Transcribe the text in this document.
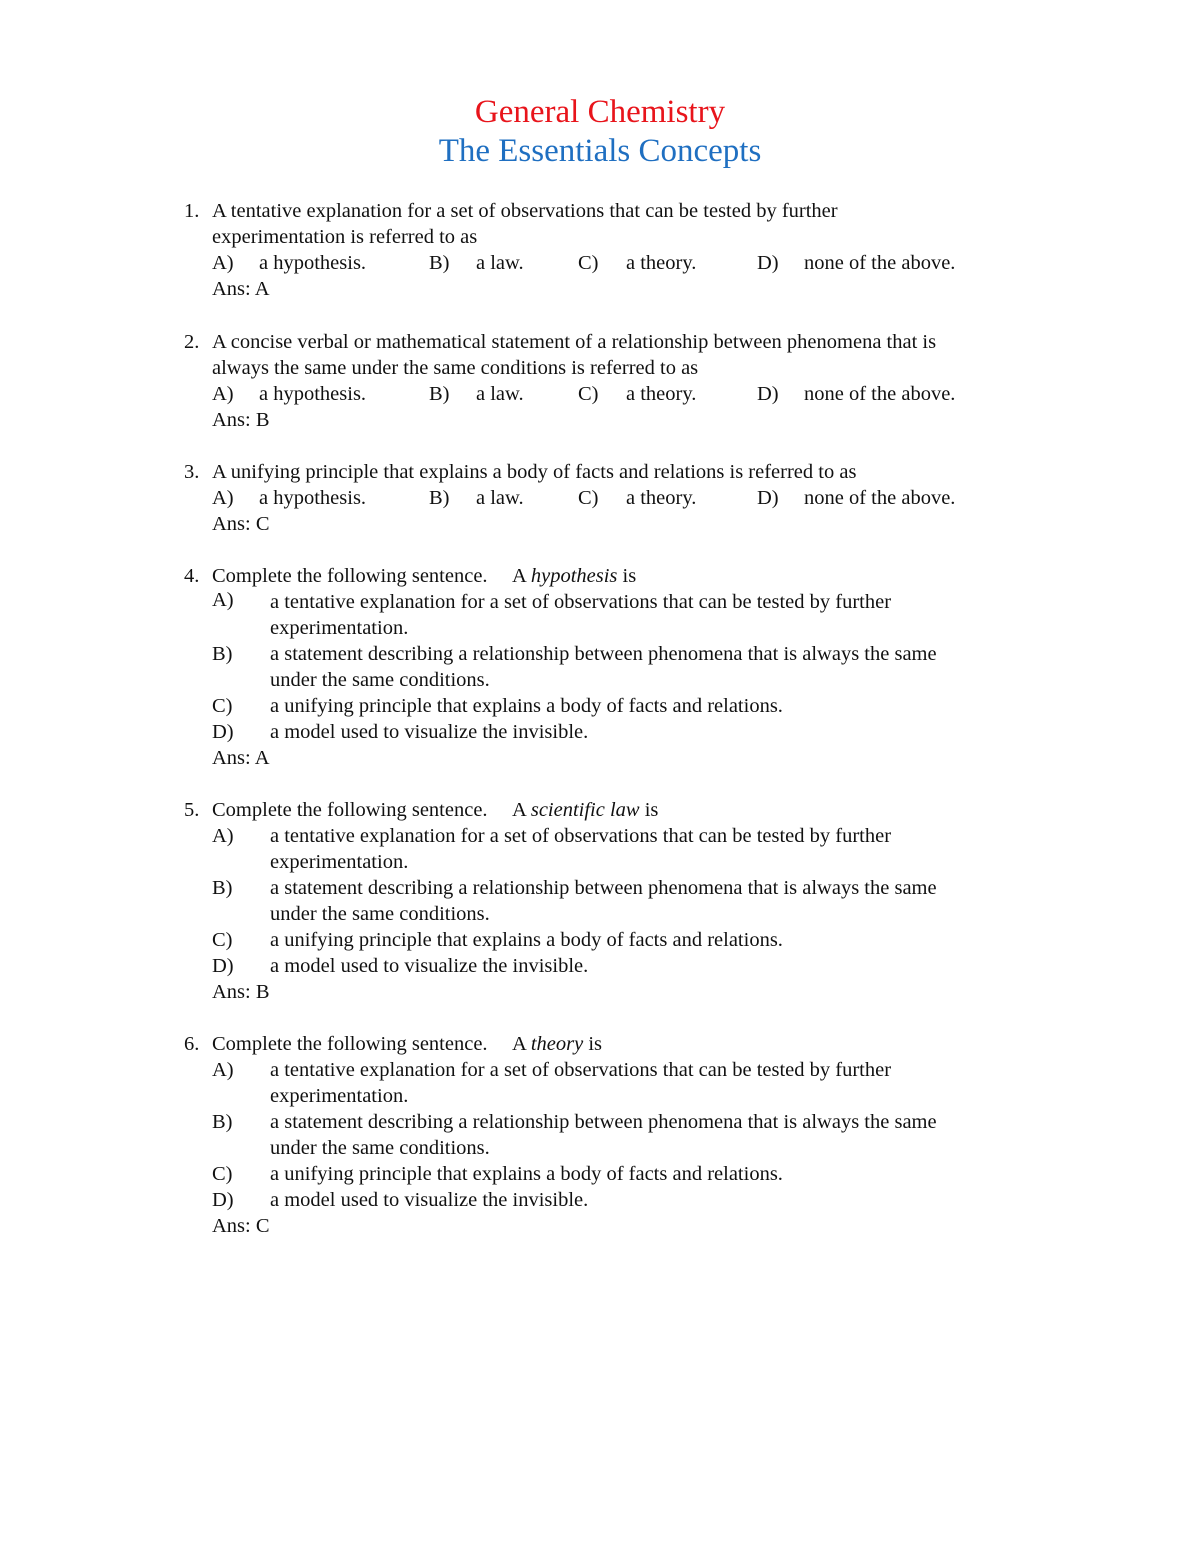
General Chemistry
The Essentials Concepts
1. A tentative explanation for a set of observations that can be tested by further
experimentation is referred to as
A) a hypothesis.	B) a law.	C) a theory.	D) none of the above.
Ans: A
2. A concise verbal or mathematical statement of a relationship between phenomena that is
always the same under the same conditions is referred to as
A) a hypothesis.	B) a law.	C) a theory.	D) none of the above.
Ans: B
3. A unifying principle that explains a body of facts and relations is referred to as
A) a hypothesis.	B) a law.	C) a theory.	D) none of the above.
Ans: C
4. Complete the following sentence.     A hypothesis is
A) a tentative explanation for a set of observations that can be tested by further
experimentation.
B) a statement describing a relationship between phenomena that is always the same
under the same conditions.
C) a unifying principle that explains a body of facts and relations.
D) a model used to visualize the invisible.
Ans: A
5. Complete the following sentence.     A scientific law is
A) a tentative explanation for a set of observations that can be tested by further
experimentation.
B) a statement describing a relationship between phenomena that is always the same
under the same conditions.
C) a unifying principle that explains a body of facts and relations.
D) a model used to visualize the invisible.
Ans: B
6. Complete the following sentence.     A theory is
A) a tentative explanation for a set of observations that can be tested by further
experimentation.
B) a statement describing a relationship between phenomena that is always the same
under the same conditions.
C) a unifying principle that explains a body of facts and relations.
D) a model used to visualize the invisible.
Ans: C
